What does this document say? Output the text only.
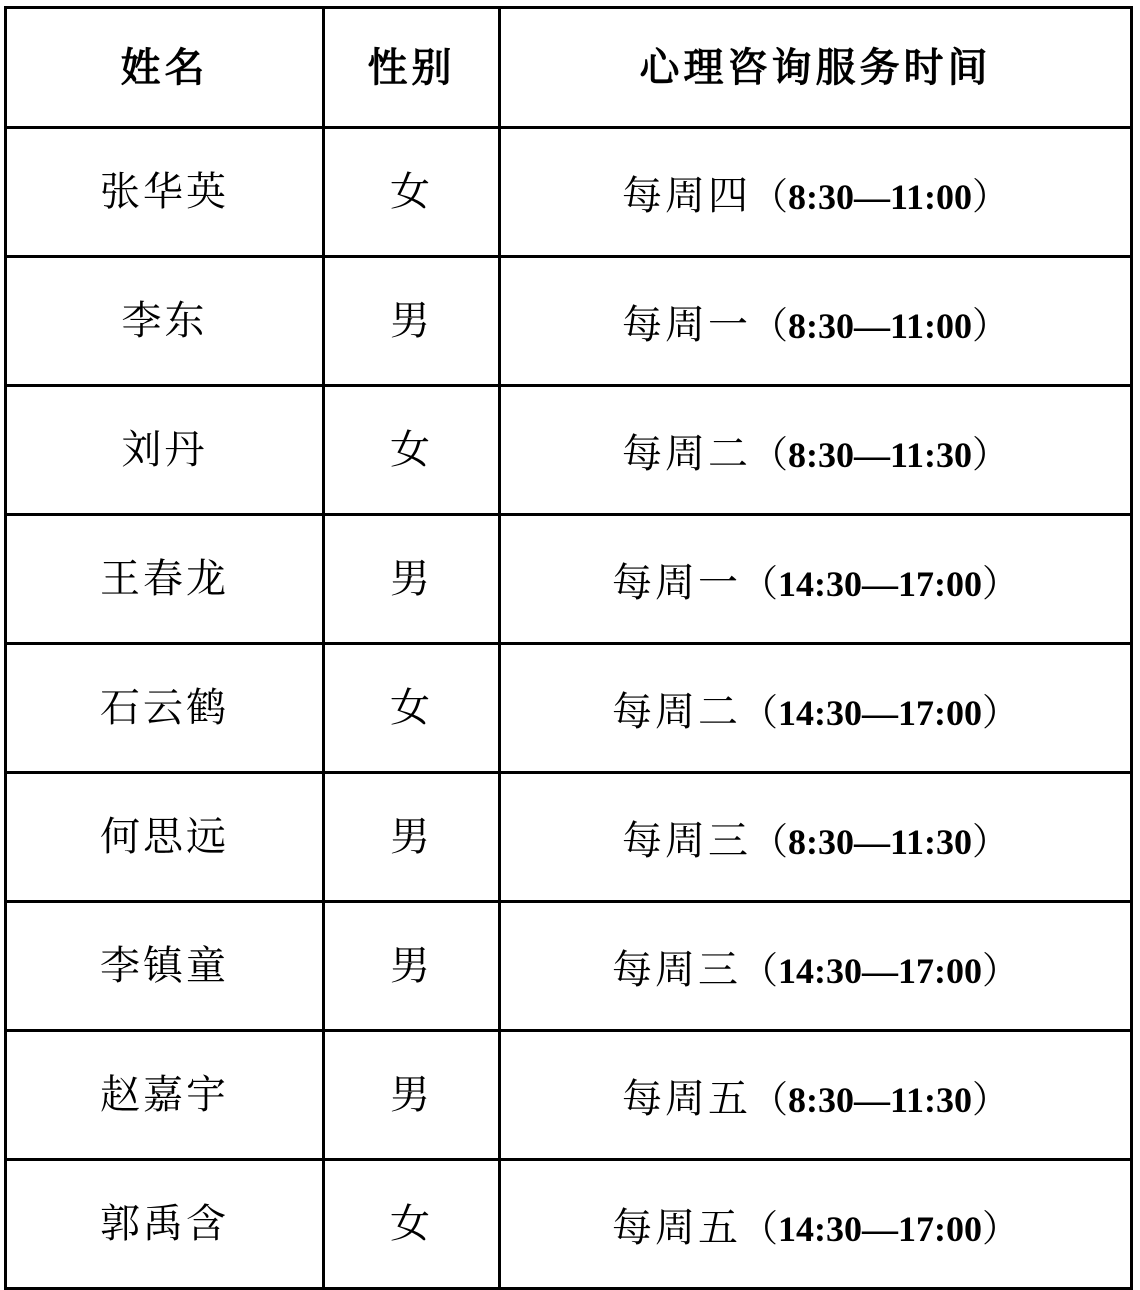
姓名	性别	心理咨询服务时间
张华英	女	每周四（8:30—11:00）
李东	男	每周一（8:30—11:00）
刘丹	女	每周二（8:30—11:30）
王春龙	男	每周一（14:30—17:00）
石云鹤	女	每周二（14:30—17:00）
何思远	男	每周三（8:30—11:30）
李镇童	男	每周三（14:30—17:00）
赵嘉宇	男	每周五（8:30—11:30）
郭禹含	女	每周五（14:30—17:00）
